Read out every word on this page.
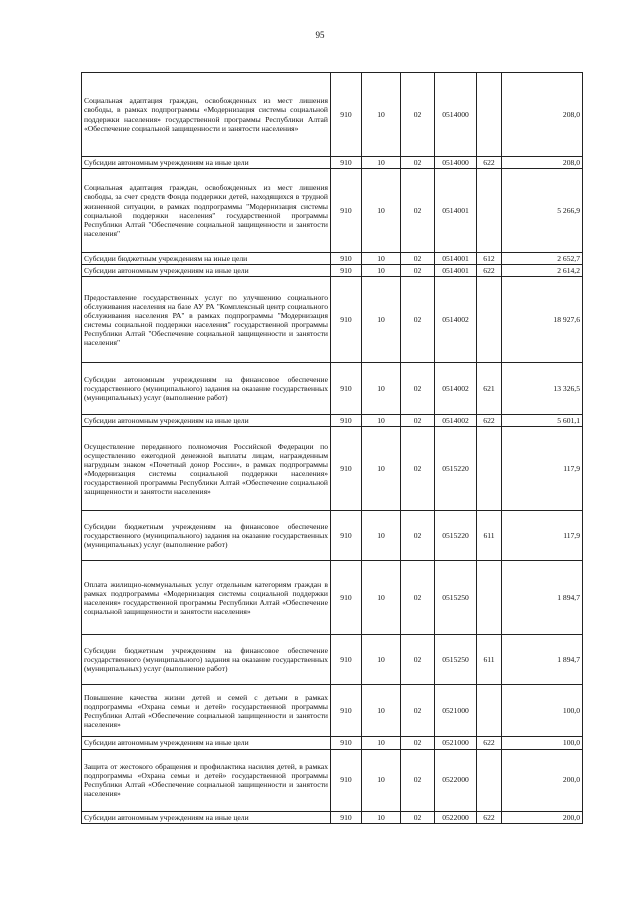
95
Социальная адаптация граждан, освобожденных из мест лишения свободы, в рамках подпрограммы «Модернизация системы социальной поддержки населения» государственной программы Республики Алтай «Обеспечение социальной защищенности и занятости населения»	910	10	02	0514000		208,0
Субсидии автономным учреждениям на иные цели	910	10	02	0514000	622	208,0
Социальная адаптация граждан, освобожденных из мест лишения свободы, за счет средств Фонда поддержки детей, находящихся в трудной жизненной ситуации, в рамках подпрограммы "Модернизация системы социальной поддержки населения" государственной программы Республики Алтай "Обеспечение социальной защищенности и занятости населения"	910	10	02	0514001		5 266,9
Субсидии бюджетным учреждениям на иные цели	910	10	02	0514001	612	2 652,7
Субсидии автономным учреждениям на иные цели	910	10	02	0514001	622	2 614,2
Предоставление государственных услуг по улучшению социального обслуживания населения на базе АУ РА "Комплексный центр социального обслуживания населения РА" в рамках подпрограммы "Модернизация системы социальной поддержки населения" государственной программы Республики Алтай "Обеспечение социальной защищенности и занятости населения"	910	10	02	0514002		18 927,6
Субсидии автономным учреждениям на финансовое обеспечение государственного (муниципального) задания на оказание государственных (муниципальных) услуг (выполнение работ)	910	10	02	0514002	621	13 326,5
Субсидии автономным учреждениям на иные цели	910	10	02	0514002	622	5 601,1
Осуществление переданного полномочия Российской Федерации по осуществлению ежегодной денежной выплаты лицам, награжденным нагрудным знаком «Почетный донор России», в рамках подпрограммы «Модернизация системы социальной поддержки населения» государственной программы Республики Алтай «Обеспечение социальной защищенности и занятости населения»	910	10	02	0515220		117,9
Субсидии бюджетным учреждениям на финансовое обеспечение государственного (муниципального) задания на оказание государственных (муниципальных) услуг (выполнение работ)	910	10	02	0515220	611	117,9
Оплата жилищно-коммунальных услуг отдельным категориям граждан в рамках подпрограммы «Модернизация системы социальной поддержки населения» государственной программы Республики Алтай «Обеспечение социальной защищенности и занятости населения»	910	10	02	0515250		1 894,7
Субсидии бюджетным учреждениям на финансовое обеспечение государственного (муниципального) задания на оказание государственных (муниципальных) услуг (выполнение работ)	910	10	02	0515250	611	1 894,7
Повышение качества жизни детей и семей с детьми в рамках подпрограммы «Охрана семьи и детей» государственной программы Республики Алтай «Обеспечение социальной защищенности и занятости населения»	910	10	02	0521000		100,0
Субсидии автономным учреждениям на иные цели	910	10	02	0521000	622	100,0
Защита от жестокого обращения и профилактика насилия детей, в рамках подпрограммы «Охрана семьи и детей» государственной программы Республики Алтай «Обеспечение социальной защищенности и занятости населения»	910	10	02	0522000		200,0
Субсидии автономным учреждениям на иные цели	910	10	02	0522000	622	200,0
